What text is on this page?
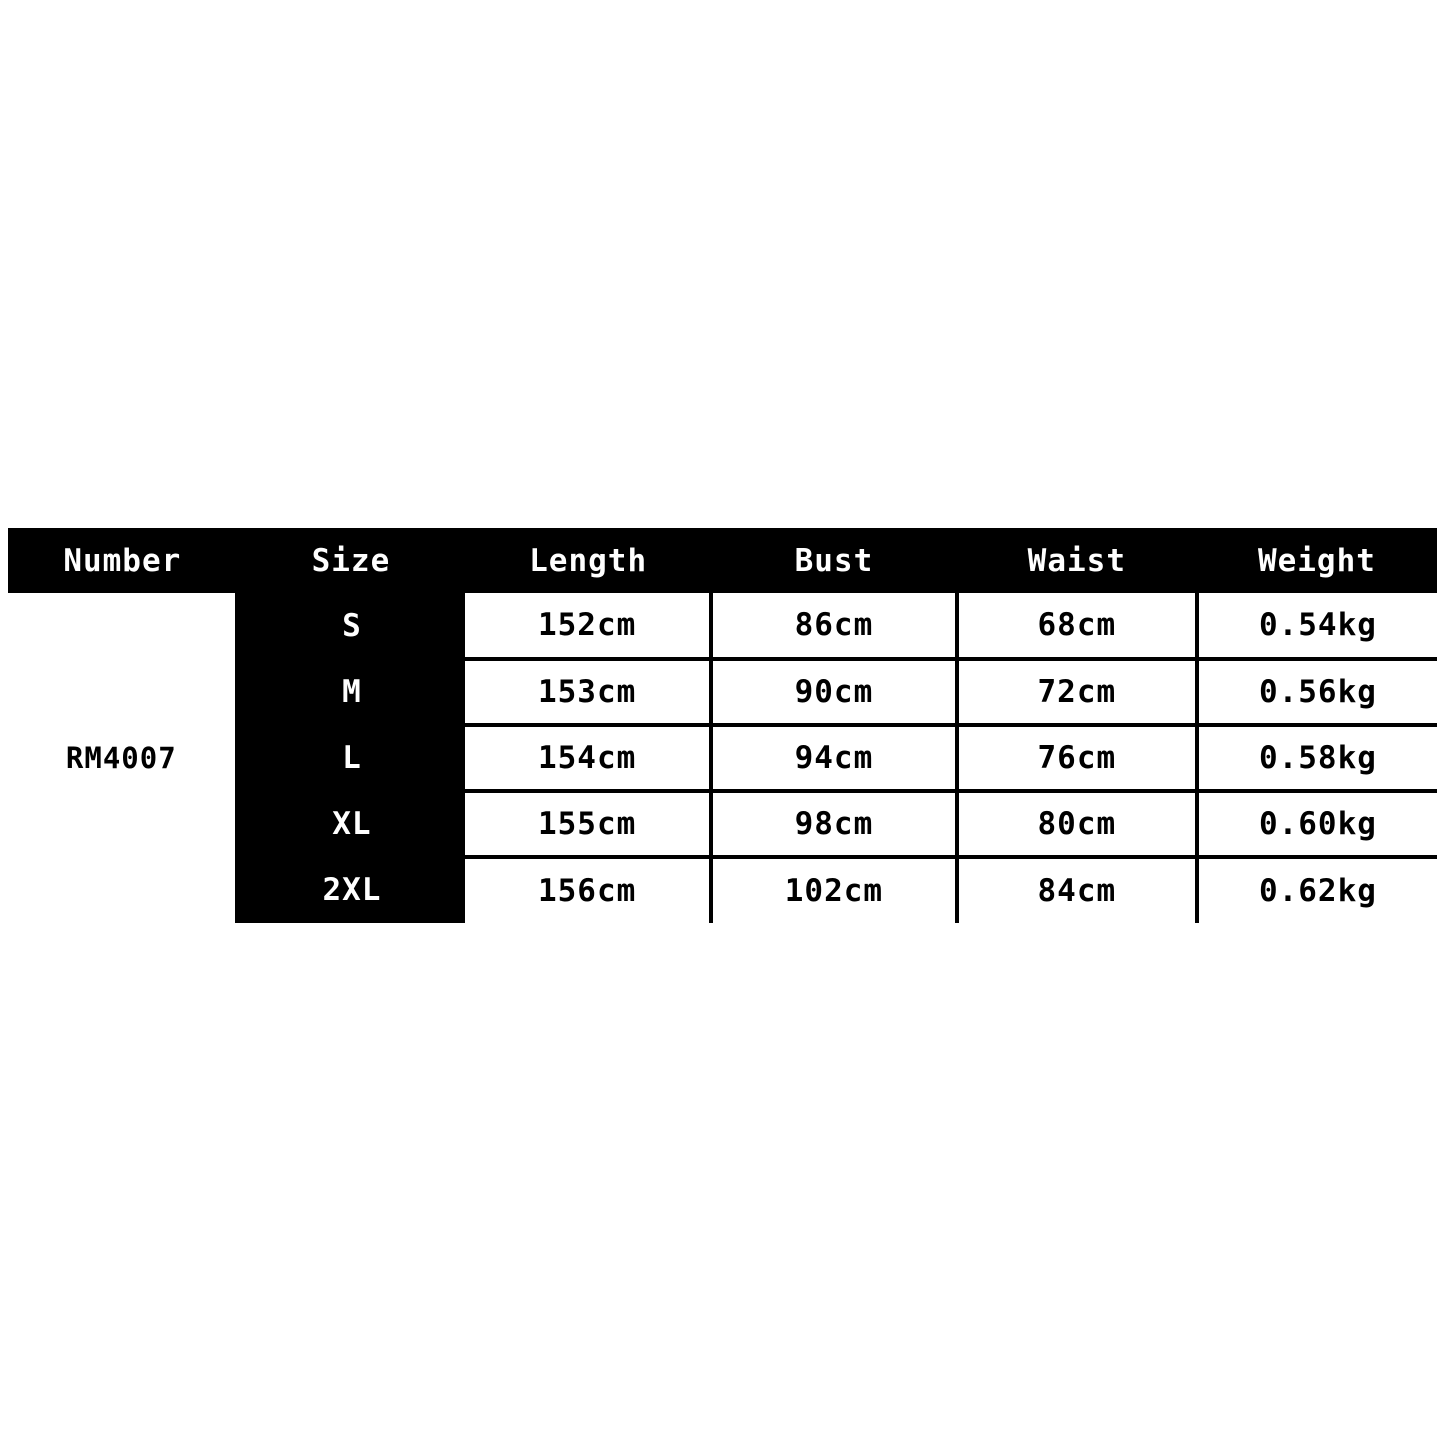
Number	Size	Length	Bust	Waist	Weight
RM4007	S	152cm	86cm	68cm	0.54kg
	M	153cm	90cm	72cm	0.56kg
	L	154cm	94cm	76cm	0.58kg
	XL	155cm	98cm	80cm	0.60kg
	2XL	156cm	102cm	84cm	0.62kg
